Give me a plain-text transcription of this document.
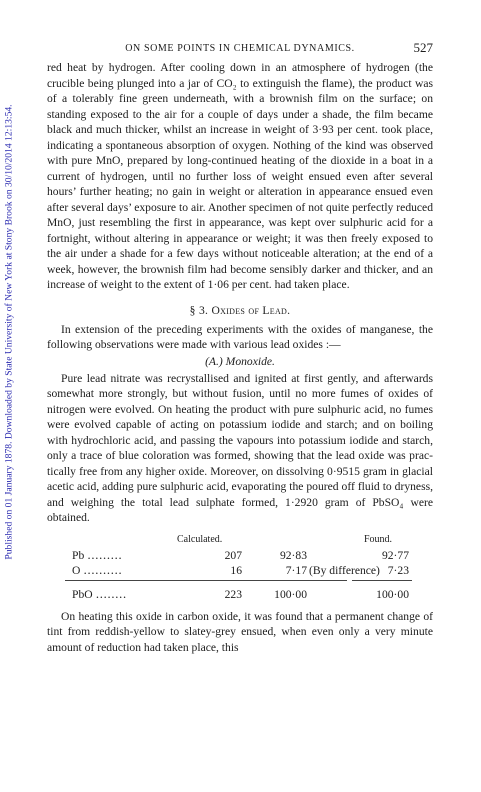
Published on 01 January 1878. Downloaded by State University of New York at Stony Brook on 30/10/2014 12:13:54.
ON SOME POINTS IN CHEMICAL DYNAMICS.	527

red heat by hydrogen. After cooling down in an atmosphere of hydrogen (the crucible being plunged into a jar of CO₂ to extinguish the flame), the product was of a tolerably fine green underneath, with a brownish film on the surface; on standing exposed to the air for a couple of days under a shade, the film became black and much thicker, whilst an increase in weight of 3·93 per cent. took place, indicating a spontaneous absorption of oxygen. Nothing of the kind was observed with pure MnO, prepared by long-continued heating of the dioxide in a boat in a current of hydrogen, until no further loss of weight ensued even after several hours’ further heating; no gain in weight or alteration in appearance ensued even after several days’ exposure to air. Another specimen of not quite perfectly reduced MnO, just resembling the first in appearance, was kept over sulphuric acid for a fortnight, without altering in appearance or weight; it was then freely exposed to the air under a shade for a few days without noticeable alteration; at the end of a week, however, the brownish film had become sensibly darker and thicker, and an increase of weight to the extent of 1·06 per cent. had taken place.

§ 3. Oxides of Lead.

In extension of the preceding experiments with the oxides of manganese, the following observations were made with various lead oxides :—

(A.) Monoxide.

Pure lead nitrate was recrystallised and ignited at first gently, and afterwards somewhat more strongly, but without fusion, until no more fumes of oxides of nitrogen were evolved. On heating the product with pure sulphuric acid, no fumes were evolved capable of acting on potassium iodide and starch; and on boiling with hydrochloric acid, and passing the vapours into potassium iodide and starch, only a trace of blue coloration was formed, showing that the lead oxide was practically free from any higher oxide. Moreover, on dissolving 0·9515 gram in glacial acetic acid, adding pure sulphuric acid, evaporating the poured off fluid to dryness, and weighing the total lead sulphate formed, 1·2920 gram of PbSO₄ were obtained.

Calculated.	Found.
Pb ․․․․․․․․․	207	92·83	92·77
O ․․․․․․․․․․	16	7·17 (By difference) 7·23
PbO ․․․․․․․․	223	100·00	100·00

On heating this oxide in carbon oxide, it was found that a permanent change of tint from reddish-yellow to slatey-grey ensued, when even only a very minute amount of reduction had taken place, this
